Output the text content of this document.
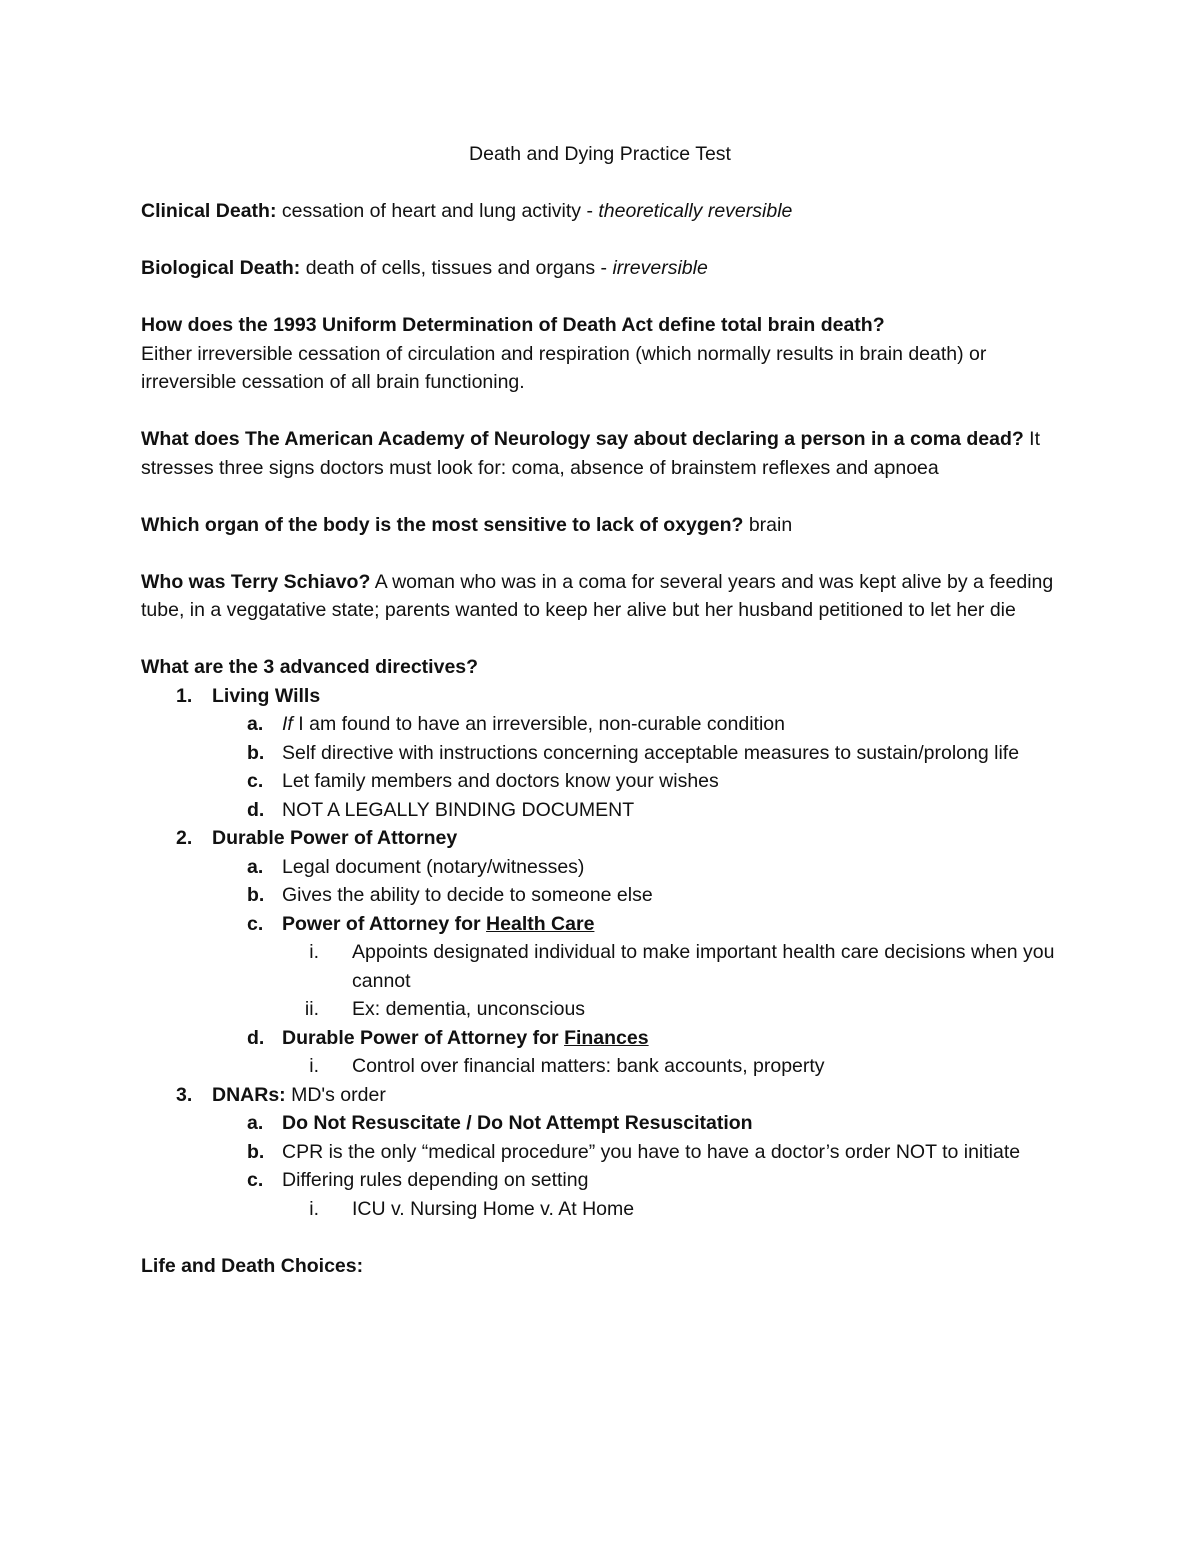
Death and Dying Practice Test

Clinical Death: cessation of heart and lung activity - theoretically reversible

Biological Death: death of cells, tissues and organs - irreversible

How does the 1993 Uniform Determination of Death Act define total brain death?
Either irreversible cessation of circulation and respiration (which normally results in brain death) or irreversible cessation of all brain functioning.

What does The American Academy of Neurology say about declaring a person in a coma dead? It stresses three signs doctors must look for: coma, absence of brainstem reflexes and apnoea

Which organ of the body is the most sensitive to lack of oxygen? brain

Who was Terry Schiavo? A woman who was in a coma for several years and was kept alive by a feeding tube, in a veggatative state; parents wanted to keep her alive but her husband petitioned to let her die

What are the 3 advanced directives?

1. Living Wills
a. If I am found to have an irreversible, non-curable condition
b. Self directive with instructions concerning acceptable measures to sustain/prolong life
c. Let family members and doctors know your wishes
d. NOT A LEGALLY BINDING DOCUMENT
2. Durable Power of Attorney
a. Legal document (notary/witnesses)
b. Gives the ability to decide to someone else
c. Power of Attorney for Health Care
i. Appoints designated individual to make important health care decisions when you cannot
ii. Ex: dementia, unconscious
d. Durable Power of Attorney for Finances
i. Control over financial matters: bank accounts, property
3. DNARs: MD's order
a. Do Not Resuscitate / Do Not Attempt Resuscitation
b. CPR is the only “medical procedure” you have to have a doctor’s order NOT to initiate
c. Differing rules depending on setting
i. ICU v. Nursing Home v. At Home

Life and Death Choices:
